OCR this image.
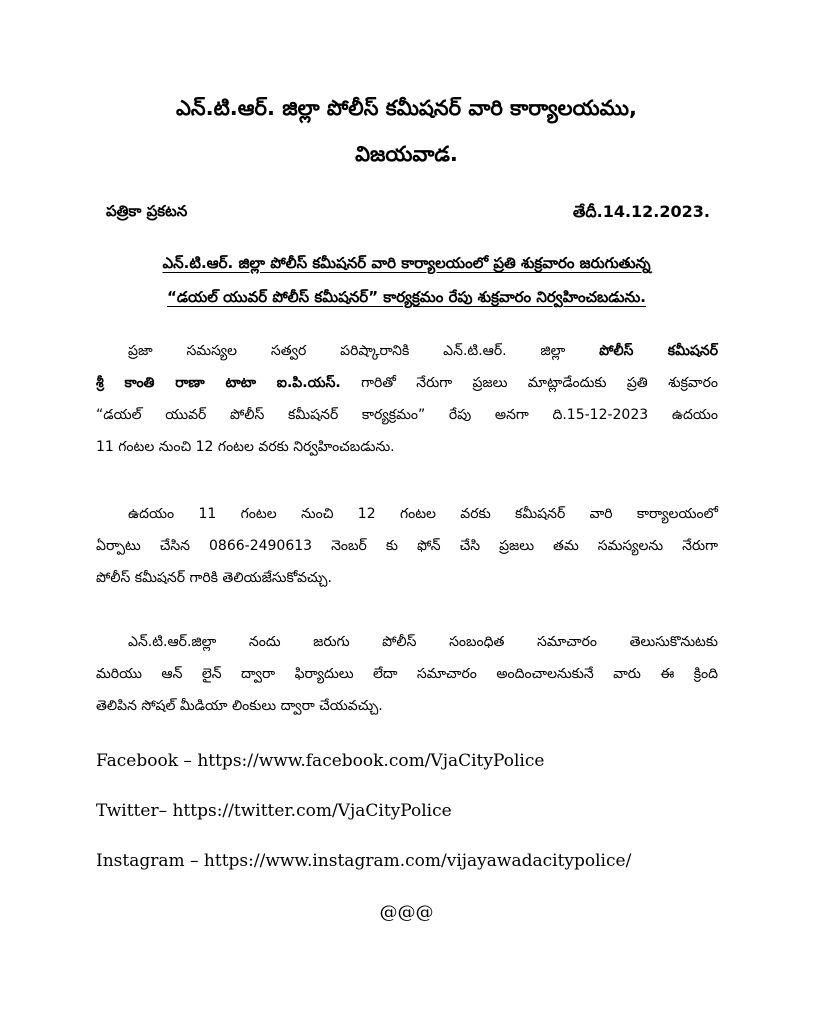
ఎన్.టి.ఆర్. జిల్లా పోలీస్ కమీషనర్ వారి కార్యాలయము,
విజయవాడ.
పత్రికా ప్రకటన	తేదీ.14.12.2023.
ఎన్.టి.ఆర్. జిల్లా పోలీస్ కమీషనర్ వారి కార్యాలయంలో ప్రతి శుక్రవారం జరుగుతున్న
“డయల్ యువర్ పోలీస్ కమీషనర్” కార్యక్రమం రేపు శుక్రవారం నిర్వహించబడును.
ప్రజా సమస్యల సత్వర పరిష్కారానికి ఎన్.టి.ఆర్. జిల్లా పోలీస్ కమీషనర్
శ్రీ కాంతి రాణా టాటా ఐ.పి.యస్. గారితో నేరుగా ప్రజలు మాట్లాడేందుకు ప్రతి శుక్రవారం
“డయల్ యువర్ పోలీస్ కమీషనర్ కార్యక్రమం” రేపు అనగా ది.15-12-2023 ఉదయం
11 గంటల నుంచి 12 గంటల వరకు నిర్వహించబడును.
ఉదయం 11 గంటల నుంచి 12 గంటల వరకు కమీషనర్ వారి కార్యాలయంలో
ఏర్పాటు చేసిన 0866-2490613 నెంబర్ కు ఫోన్ చేసి ప్రజలు తమ సమస్యలను నేరుగా
పోలీస్ కమీషనర్ గారికి తెలియజేసుకోవచ్చు.
ఎన్.టి.ఆర్.జిల్లా నందు జరుగు పోలీస్ సంబంధిత సమాచారం తెలుసుకొనుటకు
మరియు ఆన్ లైన్ ద్వారా ఫిర్యాదులు లేదా సమాచారం అందించాలనుకునే వారు ఈ క్రింది
తెలిపిన సోషల్ మీడియా లింకులు ద్వారా చేయవచ్చు.
Facebook – https://www.facebook.com/VjaCityPolice
Twitter– https://twitter.com/VjaCityPolice
Instagram – https://www.instagram.com/vijayawadacitypolice/
@@@
